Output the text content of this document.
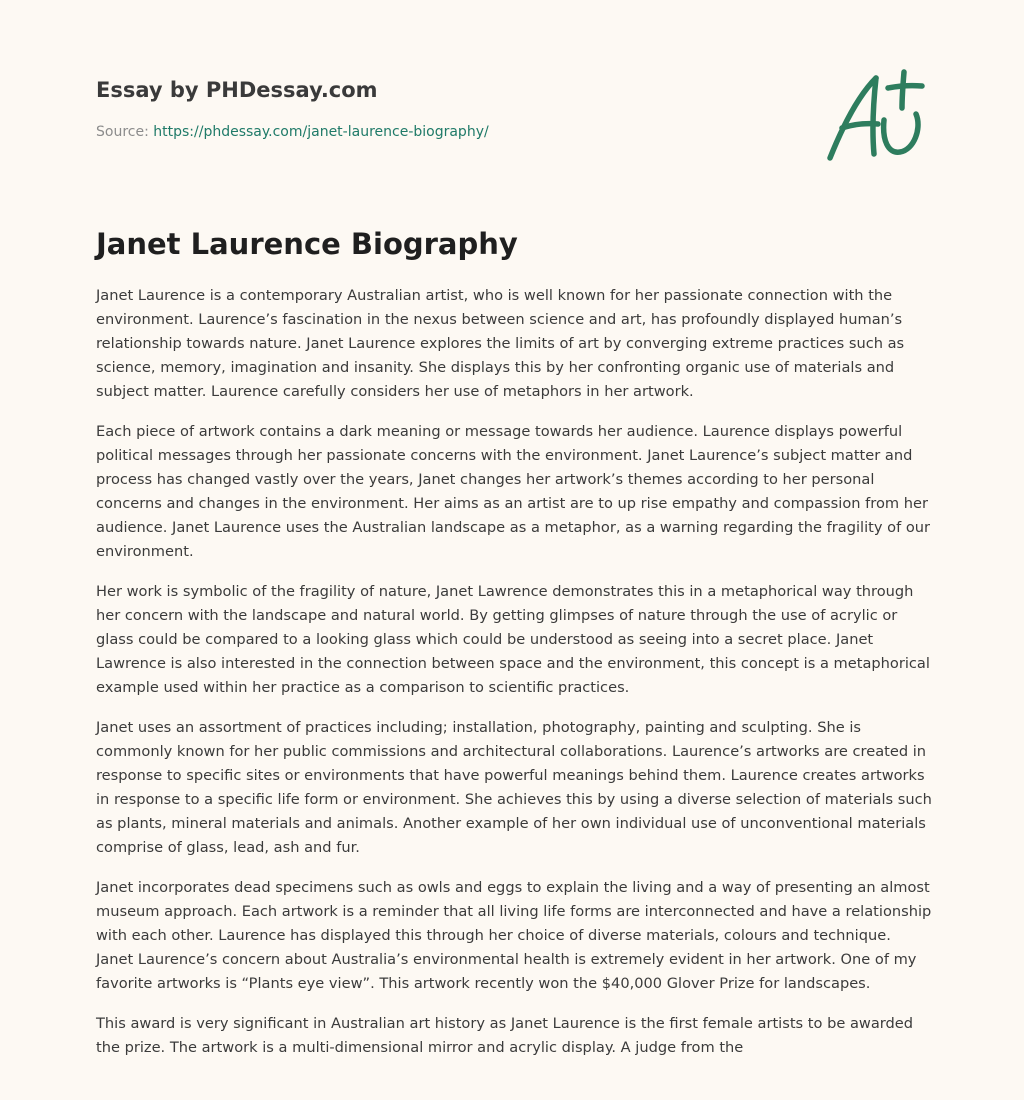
Essay by PHDessay.com
Source: https://phdessay.com/janet-laurence-biography/
Janet Laurence Biography

Janet Laurence is a contemporary Australian artist, who is well known for her passionate connection with the environment. Laurence’s fascination in the nexus between science and art, has profoundly displayed human’s relationship towards nature. Janet Laurence explores the limits of art by converging extreme practices such as science, memory, imagination and insanity. She displays this by her confronting organic use of materials and subject matter. Laurence carefully considers her use of metaphors in her artwork.

Each piece of artwork contains a dark meaning or message towards her audience. Laurence displays powerful political messages through her passionate concerns with the environment. Janet Laurence’s subject matter and process has changed vastly over the years, Janet changes her artwork’s themes according to her personal concerns and changes in the environment. Her aims as an artist are to up rise empathy and compassion from her audience. Janet Laurence uses the Australian landscape as a metaphor, as a warning regarding the fragility of our environment.

Her work is symbolic of the fragility of nature, Janet Lawrence demonstrates this in a metaphorical way through her concern with the landscape and natural world. By getting glimpses of nature through the use of acrylic or glass could be compared to a looking glass which could be understood as seeing into a secret place. Janet Lawrence is also interested in the connection between space and the environment, this concept is a metaphorical example used within her practice as a comparison to scientific practices.

Janet uses an assortment of practices including; installation, photography, painting and sculpting. She is commonly known for her public commissions and architectural collaborations. Laurence’s artworks are created in response to specific sites or environments that have powerful meanings behind them. Laurence creates artworks in response to a specific life form or environment. She achieves this by using a diverse selection of materials such as plants, mineral materials and animals. Another example of her own individual use of unconventional materials comprise of glass, lead, ash and fur.

Janet incorporates dead specimens such as owls and eggs to explain the living and a way of presenting an almost museum approach. Each artwork is a reminder that all living life forms are interconnected and have a relationship with each other. Laurence has displayed this through her choice of diverse materials, colours and technique. Janet Laurence’s concern about Australia’s environmental health is extremely evident in her artwork. One of my favorite artworks is “Plants eye view”. This artwork recently won the $40,000 Glover Prize for landscapes.

This award is very significant in Australian art history as Janet Laurence is the first female artists to be awarded the prize. The artwork is a multi-dimensional mirror and acrylic display. A judge from the
